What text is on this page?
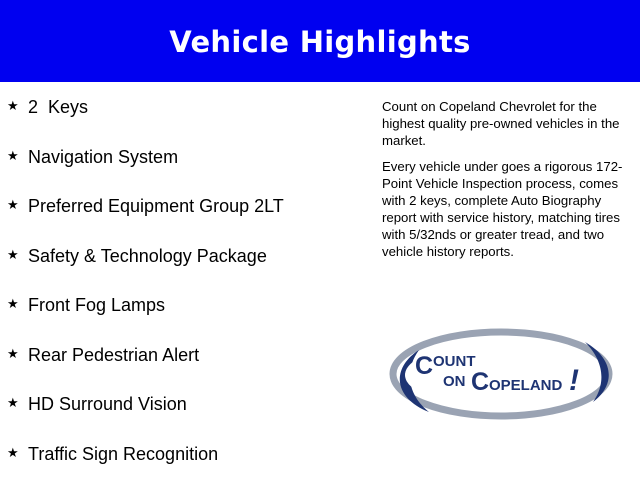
Vehicle Highlights
★ 2  Keys
★ Navigation System
★ Preferred Equipment Group 2LT
★ Safety & Technology Package
★ Front Fog Lamps
★ Rear Pedestrian Alert
★ HD Surround Vision
★ Traffic Sign Recognition

Count on Copeland Chevrolet for the highest quality pre-owned vehicles in the market.

Every vehicle under goes a rigorous 172-Point Vehicle Inspection process, comes with 2 keys, complete Auto Biography report with service history, matching tires with 5/32nds or greater tread, and two vehicle history reports.

C OUNT
ON C OPELAND !
